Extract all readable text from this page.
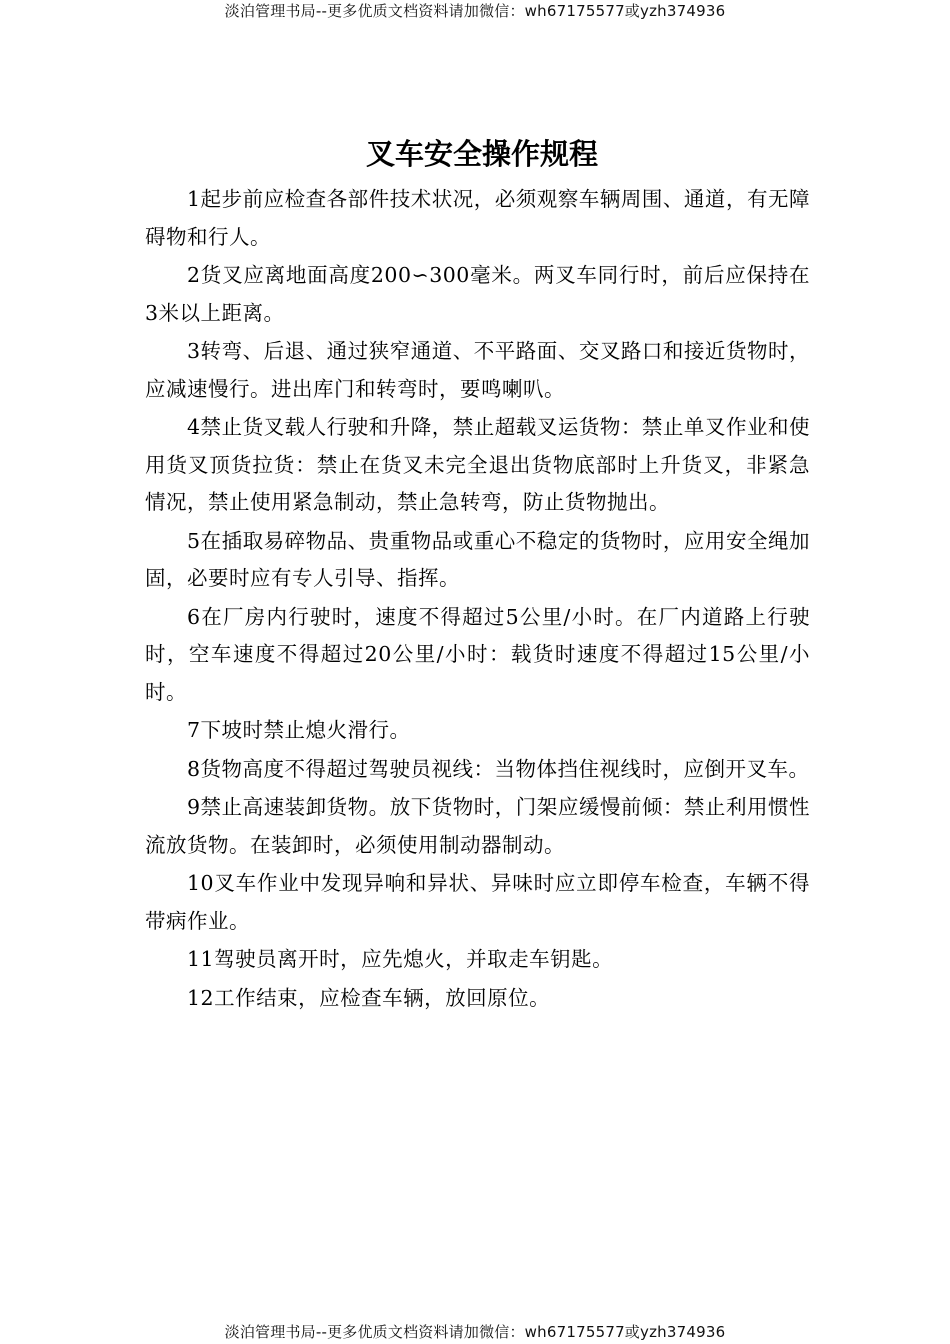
淡泊管理书局--更多优质文档资料请加微信：wh67175577或yzh374936
叉车安全操作规程

1起步前应检查各部件技术状况，必须观察车辆周围、通道，有无障碍物和行人。

2货叉应离地面高度200∽300毫米。两叉车同行时，前后应保持在3米以上距离。

3转弯、后退、通过狭窄通道、不平路面、交叉路口和接近货物时，应减速慢行。进出库门和转弯时，要鸣喇叭。

4禁止货叉载人行驶和升降，禁止超载叉运货物：禁止单叉作业和使用货叉顶货拉货：禁止在货叉未完全退出货物底部时上升货叉，非紧急情况，禁止使用紧急制动，禁止急转弯，防止货物抛出。

5在插取易碎物品、贵重物品或重心不稳定的货物时，应用安全绳加固，必要时应有专人引导、指挥。

6在厂房内行驶时，速度不得超过5公里/小时。在厂内道路上行驶时，空车速度不得超过20公里/小时：载货时速度不得超过15公里/小时。

7下坡时禁止熄火滑行。

8货物高度不得超过驾驶员视线：当物体挡住视线时，应倒开叉车。

9禁止高速装卸货物。放下货物时，门架应缓慢前倾：禁止利用惯性流放货物。在装卸时，必须使用制动器制动。

10叉车作业中发现异响和异状、异味时应立即停车检查，车辆不得带病作业。

11驾驶员离开时，应先熄火，并取走车钥匙。

12工作结束，应检查车辆，放回原位。

淡泊管理书局--更多优质文档资料请加微信：wh67175577或yzh374936
